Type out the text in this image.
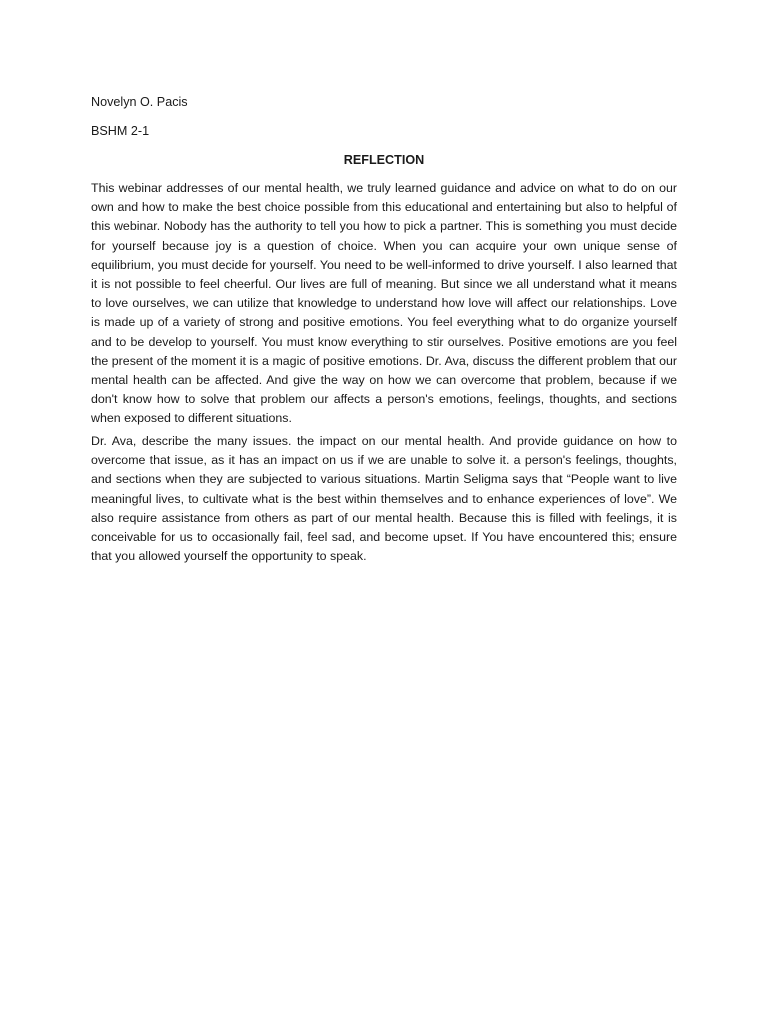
Novelyn O. Pacis

BSHM 2-1

REFLECTION

This webinar addresses of our mental health, we truly learned guidance and advice on what to do on our own and how to make the best choice possible from this educational and entertaining but also to helpful of this webinar. Nobody has the authority to tell you how to pick a partner. This is something you must decide for yourself because joy is a question of choice. When you can acquire your own unique sense of equilibrium, you must decide for yourself. You need to be well-informed to drive yourself. I also learned that it is not possible to feel cheerful. Our lives are full of meaning. But since we all understand what it means to love ourselves, we can utilize that knowledge to understand how love will affect our relationships. Love is made up of a variety of strong and positive emotions. You feel everything what to do organize yourself and to be develop to yourself. You must know everything to stir ourselves. Positive emotions are you feel the present of the moment it is a magic of positive emotions. Dr. Ava, discuss the different problem that our mental health can be affected. And give the way on how we can overcome that problem, because if we don't know how to solve that problem our affects a person's emotions, feelings, thoughts, and sections when exposed to different situations.

Dr. Ava, describe the many issues. the impact on our mental health. And provide guidance on how to overcome that issue, as it has an impact on us if we are unable to solve it. a person's feelings, thoughts, and sections when they are subjected to various situations. Martin Seligma says that “People want to live meaningful lives, to cultivate what is the best within themselves and to enhance experiences of love”. We also require assistance from others as part of our mental health. Because this is filled with feelings, it is conceivable for us to occasionally fail, feel sad, and become upset. If You have encountered this; ensure that you allowed yourself the opportunity to speak.
